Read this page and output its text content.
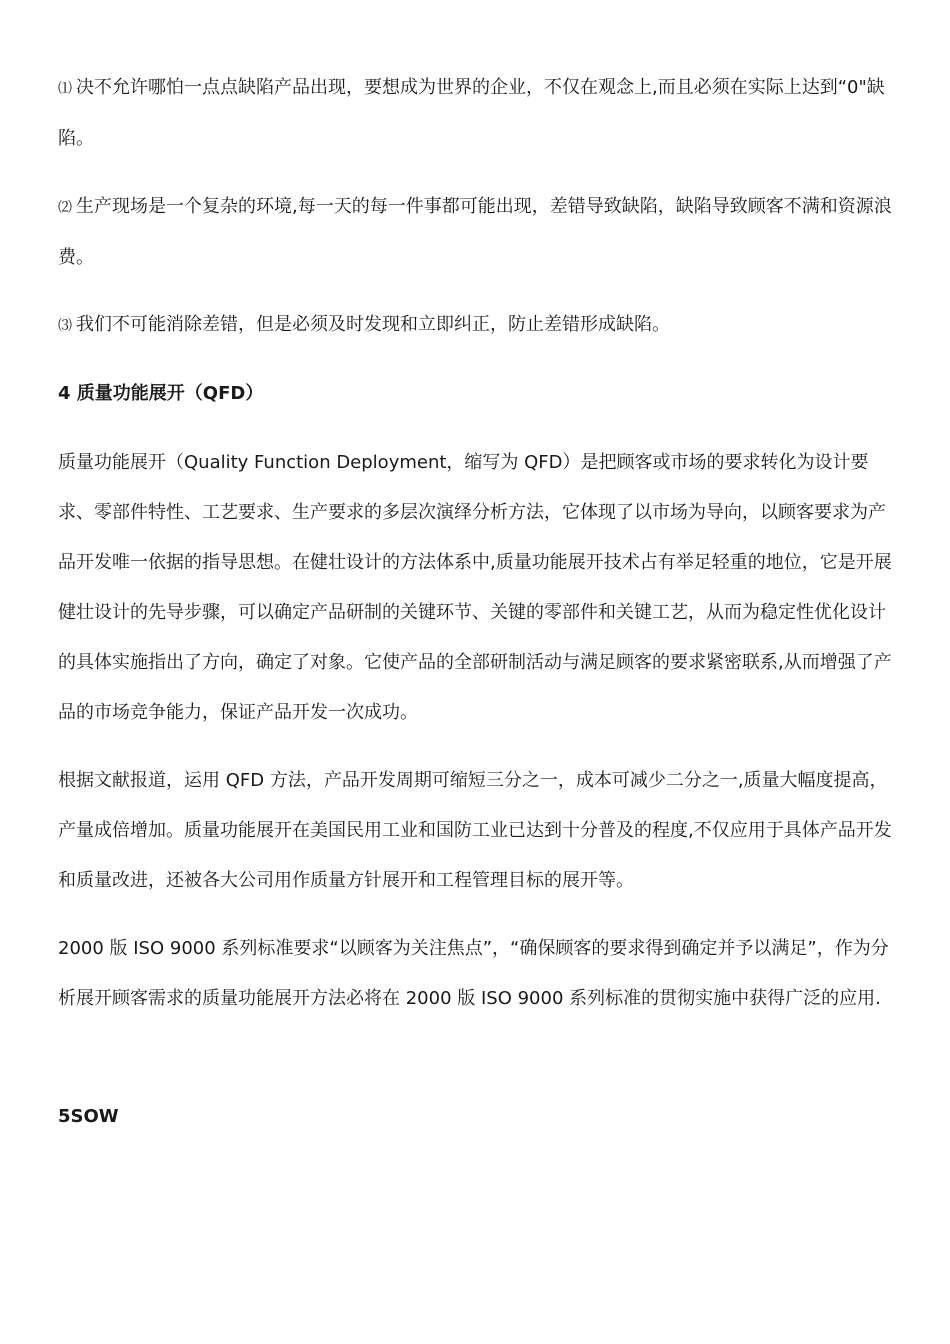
⑴ 决不允许哪怕一点点缺陷产品出现，要想成为世界的企业，不仅在观念上,而且必须在实际上达到“0"缺陷。

⑵ 生产现场是一个复杂的环境,每一天的每一件事都可能出现，差错导致缺陷，缺陷导致顾客不满和资源浪费。

⑶ 我们不可能消除差错，但是必须及时发现和立即纠正，防止差错形成缺陷。

4 质量功能展开（QFD）

质量功能展开（Quality Function Deployment，缩写为 QFD）是把顾客或市场的要求转化为设计要求、零部件特性、工艺要求、生产要求的多层次演绎分析方法，它体现了以市场为导向，以顾客要求为产品开发唯一依据的指导思想。在健壮设计的方法体系中,质量功能展开技术占有举足轻重的地位，它是开展健壮设计的先导步骤，可以确定产品研制的关键环节、关键的零部件和关键工艺，从而为稳定性优化设计的具体实施指出了方向，确定了对象。它使产品的全部研制活动与满足顾客的要求紧密联系,从而增强了产品的市场竞争能力，保证产品开发一次成功。

根据文献报道，运用 QFD 方法，产品开发周期可缩短三分之一，成本可减少二分之一,质量大幅度提高，产量成倍增加。质量功能展开在美国民用工业和国防工业已达到十分普及的程度,不仅应用于具体产品开发和质量改进，还被各大公司用作质量方针展开和工程管理目标的展开等。

2000 版 ISO 9000 系列标准要求“以顾客为关注焦点”，“确保顾客的要求得到确定并予以满足”，作为分析展开顾客需求的质量功能展开方法必将在 2000 版 ISO 9000 系列标准的贯彻实施中获得广泛的应用.

5SOW
